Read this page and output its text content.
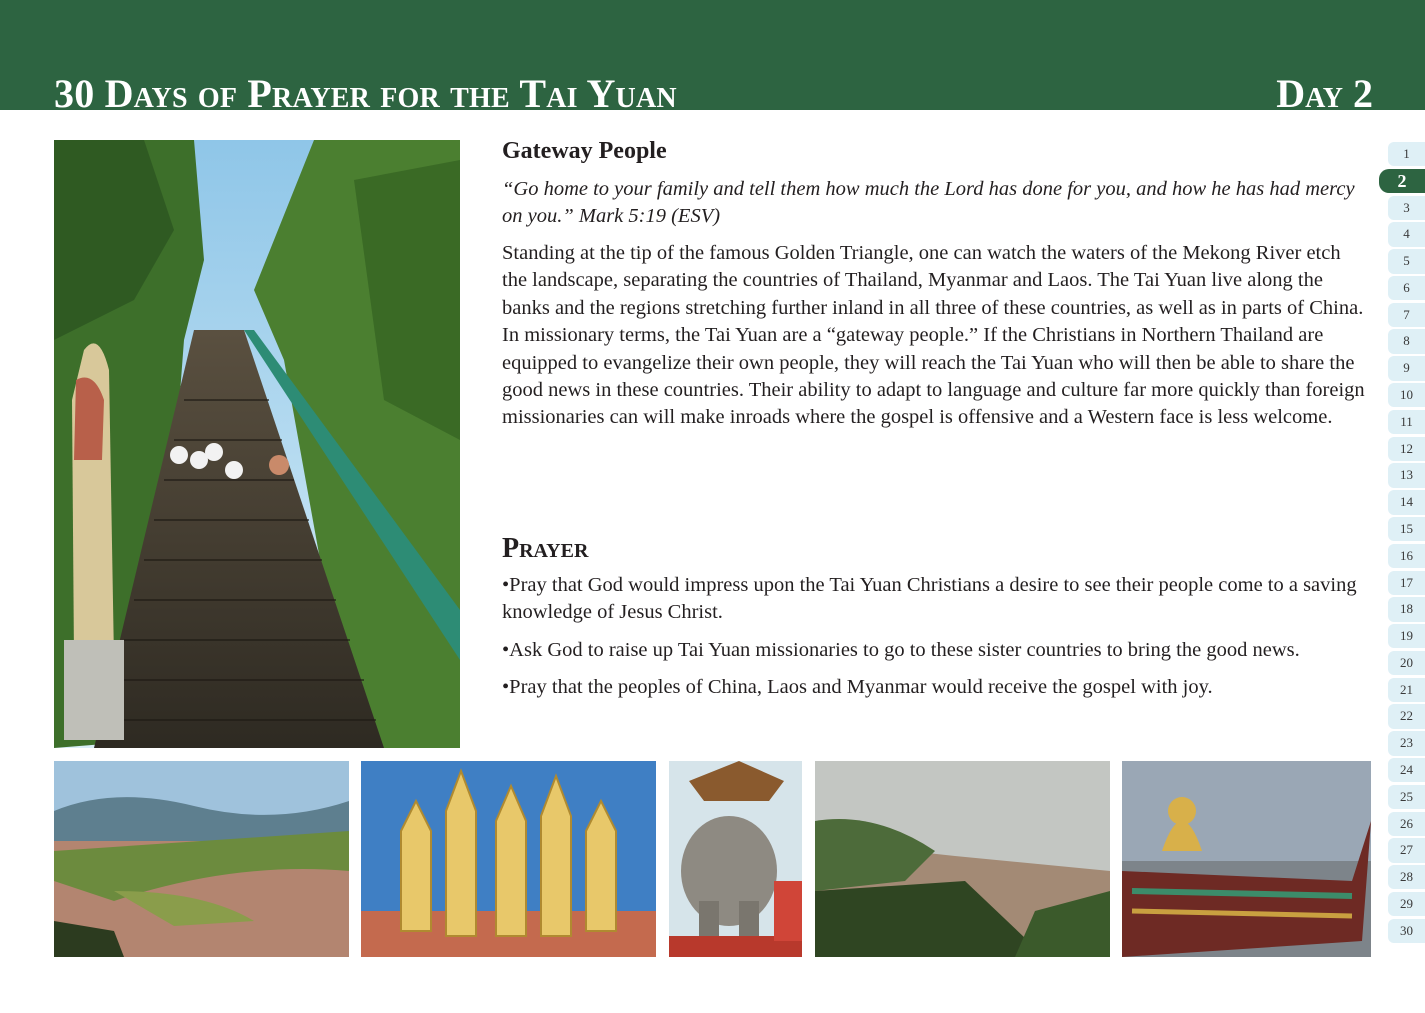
30 Days of Prayer for the Tai Yuan	Day 2
Gateway People

“Go home to your family and tell them how much the Lord has done for you, and how he has had mercy on you.” Mark 5:19 (ESV)

Standing at the tip of the famous Golden Triangle, one can watch the waters of the Mekong River etch the landscape, separating the countries of Thailand, Myanmar and Laos. The Tai Yuan live along the banks and the regions stretching further inland in all three of these countries, as well as in parts of China. In missionary terms, the Tai Yuan are a “gateway people.” If the Christians in Northern Thailand are equipped to evangelize their own people, they will reach the Tai Yuan who will then be able to share the good news in these countries. Their ability to adapt to language and culture far more quickly than foreign missionaries can will make inroads where the gospel is offensive and a Western face is less welcome.

Prayer

•Pray that God would impress upon the Tai Yuan Christians a desire to see their people come to a saving knowledge of Jesus Christ.

•Ask God to raise up Tai Yuan missionaries to go to these sister countries to bring the good news.

•Pray that the peoples of China, Laos and Myanmar would receive the gospel with joy.

1
2
3
4
5
6
7
8
9
10
11
12
13
14
15
16
17
18
19
20
21
22
23
24
25
26
27
28
29
30
